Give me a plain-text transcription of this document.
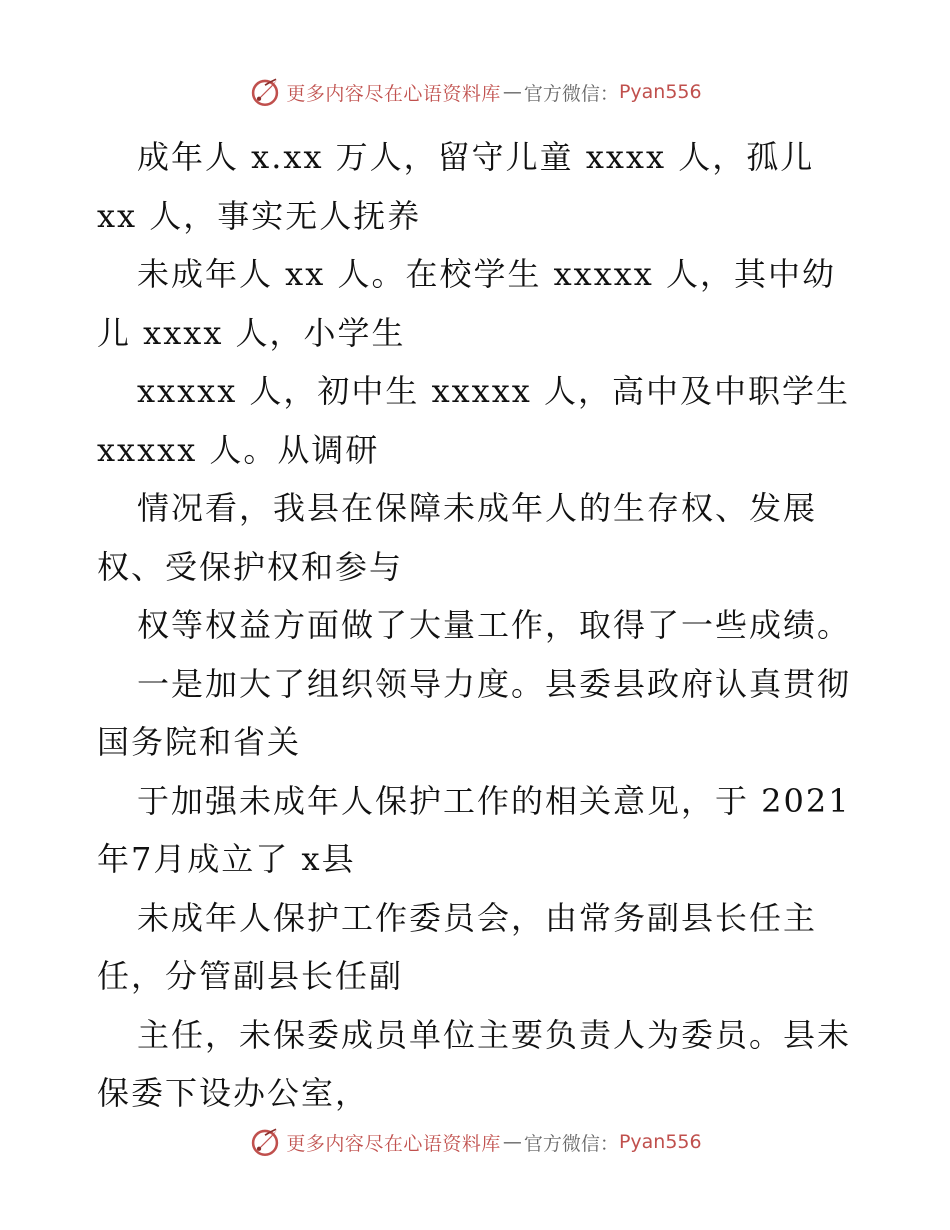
更多内容尽在心语资料库 — 官方微信： Pyan556
成年人 x.xx 万人，留守儿童 xxxx 人，孤儿
xx 人，事实无人抚养
未成年人 xx 人。在校学生 xxxxx 人，其中幼
儿 xxxx 人，小学生
xxxxx 人，初中生 xxxxx 人，高中及中职学生
xxxxx 人。从调研
情况看，我县在保障未成年人的生存权、发展
权、受保护权和参与
权等权益方面做了大量工作，取得了一些成绩。
一是加大了组织领导力度。县委县政府认真贯彻
国务院和省关
于加强未成年人保护工作的相关意见，于 2021
年7月成立了 x县
未成年人保护工作委员会，由常务副县长任主
任，分管副县长任副
主任，未保委成员单位主要负责人为委员。县未
保委下设办公室，
更多内容尽在心语资料库 — 官方微信： Pyan556
